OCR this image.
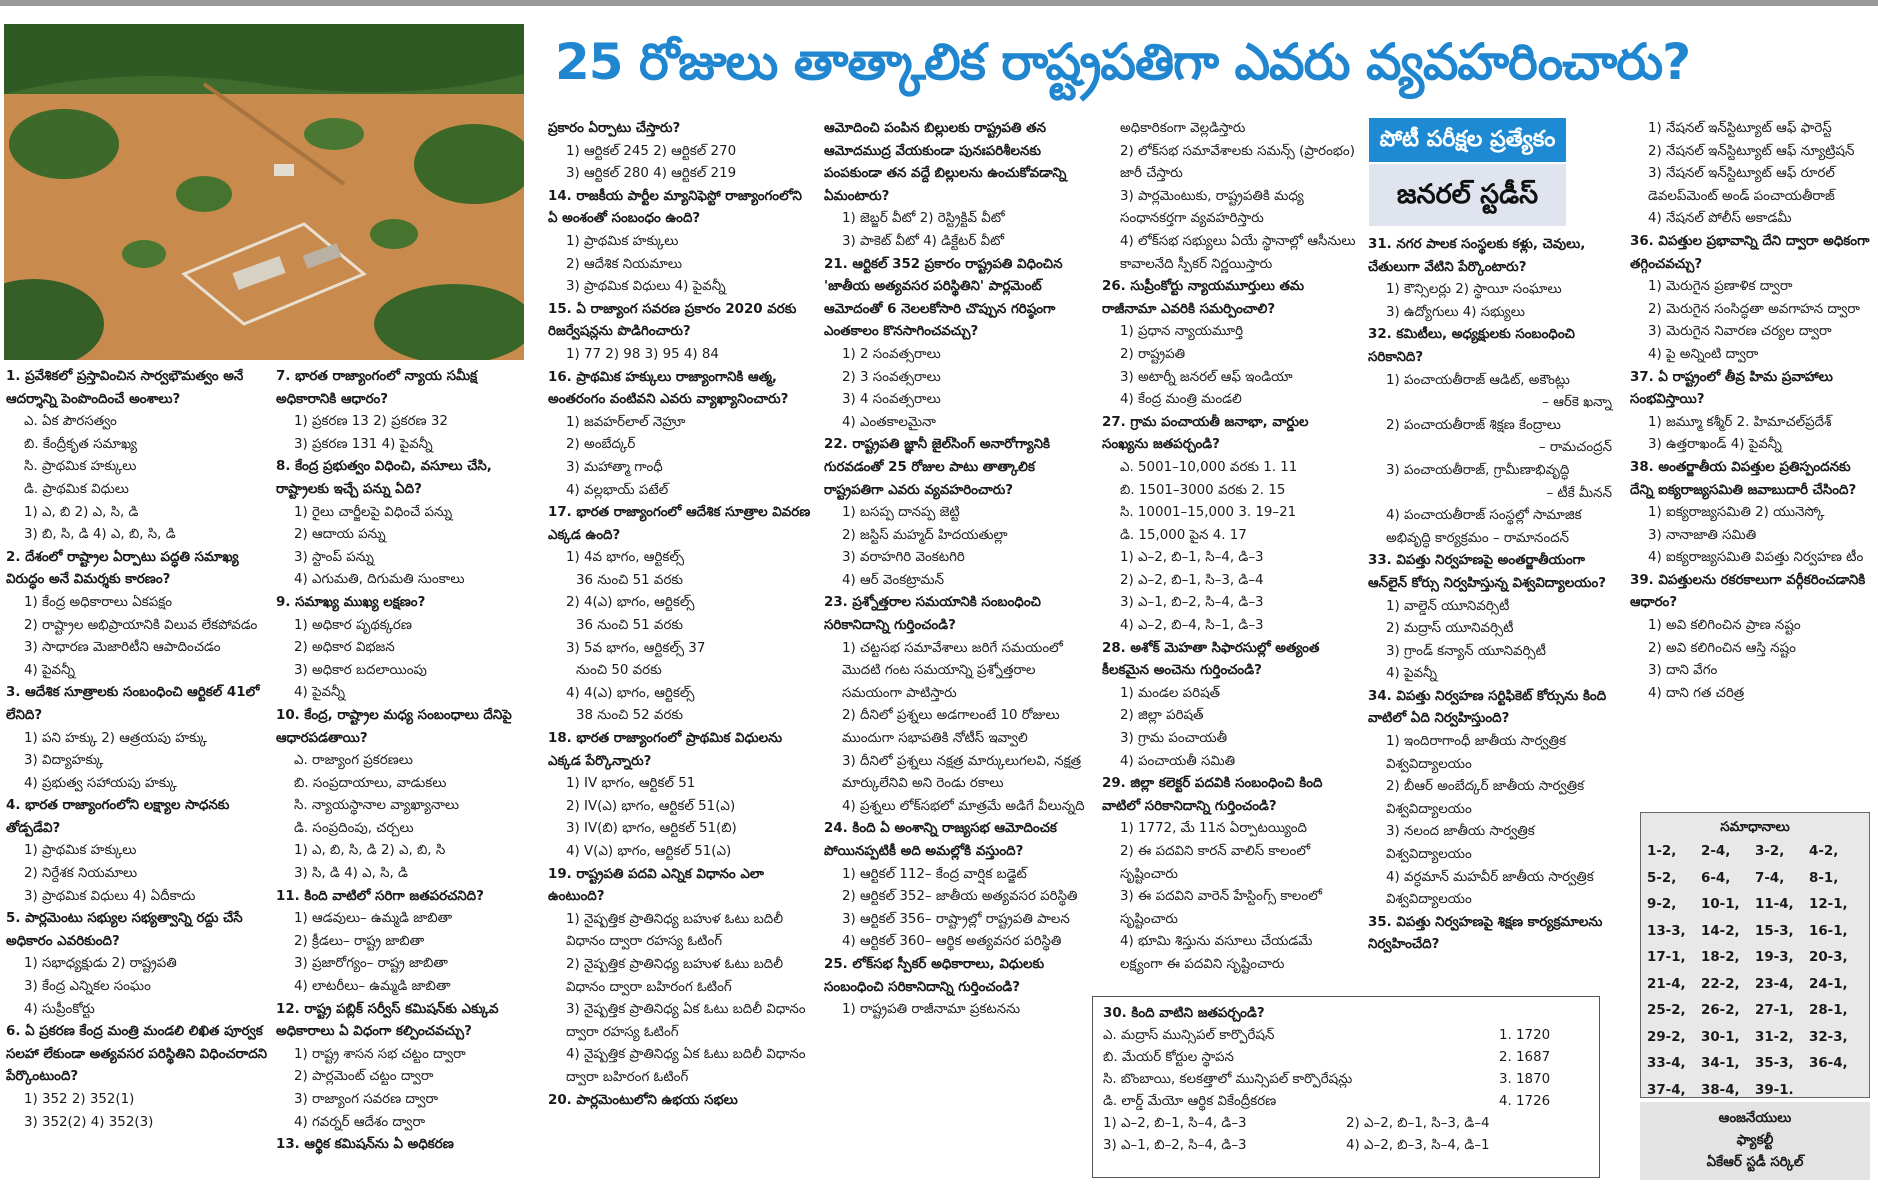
25 రోజులు తాత్కాలిక రాష్ట్రపతిగా ఎవరు వ్యవహరించారు?
పోటీ పరీక్షల ప్రత్యేకం
జనరల్ స్టడీస్
1. ప్రవేశికలో ప్రస్తావించిన సార్వభౌమత్వం అనే ఆదర్శాన్ని పెంపొందించే అంశాలు?
ఎ. ఏక పౌరసత్వం
బి. కేంద్రీకృత సమాఖ్య
సి. ప్రాథమిక హక్కులు
డి. ప్రాథమిక విధులు
1) ఎ, బి 2) ఎ, సి, డి
3) బి, సి, డి 4) ఎ, బి, సి, డి
2. దేశంలో రాష్ట్రాల ఏర్పాటు పద్ధతి సమాఖ్య విరుద్ధం అనే విమర్శకు కారణం?
1) కేంద్ర అధికారాలు ఏకపక్షం
2) రాష్ట్రాల అభిప్రాయానికి విలువ లేకపోవడం
3) సాధారణ మెజారిటీని ఆపాదించడం
4) పైవన్నీ
3. ఆదేశిక సూత్రాలకు సంబంధించి ఆర్టికల్ 41లో లేనిది?
1) పని హక్కు 2) ఆత్రయపు హక్కు
3) విద్యాహక్కు
4) ప్రభుత్వ సహాయపు హక్కు
4. భారత రాజ్యాంగంలోని లక్ష్యాల సాధనకు తోడ్పడేవి?
1) ప్రాథమిక హక్కులు
2) నిర్దేశక నియమాలు
3) ప్రాథమిక విధులు 4) ఏదీకాదు
5. పార్లమెంటు సభ్యుల సభ్యత్వాన్ని రద్దు చేసే అధికారం ఎవరికుంది?
1) సభాధ్యక్షుడు 2) రాష్ట్రపతి
3) కేంద్ర ఎన్నికల సంఘం
4) సుప్రీంకోర్టు
6. ఏ ప్రకరణ కేంద్ర మంత్రి మండలి లిఖిత పూర్వక సలహా లేకుండా అత్యవసర పరిస్థితిని విధించరాదని పేర్కొంటుంది?
1) 352 2) 352(1)
3) 352(2) 4) 352(3)
7. భారత రాజ్యాంగంలో న్యాయ సమీక్ష అధికారానికి ఆధారం?
1) ప్రకరణ 13 2) ప్రకరణ 32
3) ప్రకరణ 131 4) పైవన్నీ
8. కేంద్ర ప్రభుత్వం విధించి, వసూలు చేసి, రాష్ట్రాలకు ఇచ్చే పన్ను ఏది?
1) రైలు చార్జీలపై విధించే పన్ను
2) ఆదాయ పన్ను
3) స్టాంప్ పన్ను
4) ఎగుమతి, దిగుమతి సుంకాలు
9. సమాఖ్య ముఖ్య లక్షణం?
1) అధికార పృథక్కరణ
2) అధికార విభజన
3) అధికార బదలాయింపు
4) పైవన్నీ
10. కేంద్ర, రాష్ట్రాల మధ్య సంబంధాలు దేనిపై ఆధారపడతాయి?
ఎ. రాజ్యాంగ ప్రకరణలు
బి. సంప్రదాయాలు, వాడుకలు
సి. న్యాయస్థానాల వ్యాఖ్యానాలు
డి. సంప్రదింపు, చర్చలు
1) ఎ, బి, సి, డి 2) ఎ, బి, సి
3) సి, డి 4) ఎ, సి, డి
11. కింది వాటిలో సరిగా జతపరచనిది?
1) ఆడవులు– ఉమ్మడి జాబితా
2) క్రీడలు– రాష్ట్ర జాబితా
3) ప్రజారోగ్యం– రాష్ట్ర జాబితా
4) లాటరీలు– ఉమ్మడి జాబితా
12. రాష్ట్ర పబ్లిక్ సర్వీస్ కమిషన్‌కు ఎక్కువ అధికారాలు ఏ విధంగా కల్పించవచ్చు?
1) రాష్ట్ర శాసన సభ చట్టం ద్వారా
2) పార్లమెంట్ చట్టం ద్వారా
3) రాజ్యాంగ సవరణ ద్వారా
4) గవర్నర్ ఆదేశం ద్వారా
13. ఆర్థిక కమిషన్‌ను ఏ అధికరణ
ప్రకారం ఏర్పాటు చేస్తారు?
1) ఆర్టికల్ 245 2) ఆర్టికల్ 270
3) ఆర్టికల్ 280 4) ఆర్టికల్ 219
14. రాజకీయ పార్టీల మ్యానిఫెస్టో రాజ్యాంగంలోని ఏ అంశంతో సంబంధం ఉంది?
1) ప్రాథమిక హక్కులు
2) ఆదేశిక నియమాలు
3) ప్రాథమిక విధులు 4) పైవన్నీ
15. ఏ రాజ్యాంగ సవరణ ప్రకారం 2020 వరకు రిజర్వేషన్లను పొడిగించారు?
1) 77 2) 98 3) 95 4) 84
16. ప్రాథమిక హక్కులు రాజ్యాంగానికి ఆత్మ, అంతరంగం వంటివని ఎవరు వ్యాఖ్యానించారు?
1) జవహర్‌లాల్ నెహ్రూ
2) అంబేద్కర్
3) మహాత్మా గాంధీ
4) వల్లభాయ్ పటేల్
17. భారత రాజ్యాంగంలో ఆదేశిక సూత్రాల వివరణ ఎక్కడ ఉంది?
1) 4వ భాగం, ఆర్టికల్స్
36 నుంచి 51 వరకు
2) 4(ఎ) భాగం, ఆర్టికల్స్
36 నుంచి 51 వరకు
3) 5వ భాగం, ఆర్టికల్స్ 37
నుంచి 50 వరకు
4) 4(ఎ) భాగం, ఆర్టికల్స్
38 నుంచి 52 వరకు
18. భారత రాజ్యాంగంలో ప్రాథమిక విధులను ఎక్కడ పేర్కొన్నారు?
1) IV భాగం, ఆర్టికల్ 51
2) IV(ఎ) భాగం, ఆర్టికల్ 51(ఎ)
3) IV(బి) భాగం, ఆర్టికల్ 51(బి)
4) V(ఎ) భాగం, ఆర్టికల్ 51(ఎ)
19. రాష్ట్రపతి పదవి ఎన్నిక విధానం ఎలా ఉంటుంది?
1) నైష్పత్తిక ప్రాతినిధ్య బహుళ ఓటు బదిలీ విధానం ద్వారా రహస్య ఓటింగ్
2) నైష్పత్తిక ప్రాతినిధ్య బహుళ ఓటు బదిలీ విధానం ద్వారా బహిరంగ ఓటింగ్
3) నైష్పత్తిక ప్రాతినిధ్య ఏక ఓటు బదిలీ విధానం ద్వారా రహస్య ఓటింగ్
4) నైష్పత్తిక ప్రాతినిధ్య ఏక ఓటు బదిలీ విధానం ద్వారా బహిరంగ ఓటింగ్
20. పార్లమెంటులోని ఉభయ సభలు
ఆమోదించి పంపిన బిల్లులకు రాష్ట్రపతి తన ఆమోదముద్ర వేయకుండా పునఃపరిశీలనకు పంపకుండా తన వద్దే బిల్లులను ఉంచుకోవడాన్ని ఏమంటారు?
1) జెబ్జర్ వీటో 2) రెస్ట్రిక్టివ్ వీటో
3) పాకెట్ వీటో 4) డిక్టేటర్ వీటో
21. ఆర్టికల్ 352 ప్రకారం రాష్ట్రపతి విధించిన 'జాతీయ అత్యవసర పరిస్థితిని' పార్లమెంట్ ఆమోదంతో 6 నెలలకోసారి చొప్పున గరిష్ఠంగా ఎంతకాలం కొనసాగించవచ్చు?
1) 2 సంవత్సరాలు
2) 3 సంవత్సరాలు
3) 4 సంవత్సరాలు
4) ఎంతకాలమైనా
22. రాష్ట్రపతి జ్ఞానీ జైల్‌సింగ్ అనారోగ్యానికి గురవడంతో 25 రోజుల పాటు తాత్కాలిక రాష్ట్రపతిగా ఎవరు వ్యవహరించారు?
1) బసప్ప దానప్ప జెట్టి
2) జస్టిస్ మహ్మద్ హిదయతుల్లా
3) వరాహగిరి వెంకటగిరి
4) ఆర్ వెంకట్రామన్
23. ప్రశ్నోత్తరాల సమయానికి సంబంధించి సరికానిదాన్ని గుర్తించండి?
1) చట్టసభ సమావేశాలు జరిగే సమయంలో మొదటి గంట సమయాన్ని ప్రశ్నోత్తరాల సమయంగా పాటిస్తారు
2) దీనిలో ప్రశ్నలు అడగాలంటే 10 రోజులు ముందుగా సభాపతికి నోటీస్ ఇవ్వాలి
3) దీనిలో ప్రశ్నలు నక్షత్ర మార్కులుగలవి, నక్షత్ర మార్కులేనివి అని రెండు రకాలు
4) ప్రశ్నలు లోక్‌సభలో మాత్రమే అడిగే వీలున్నది
24. కింది ఏ అంశాన్ని రాజ్యసభ ఆమోదించక పోయినప్పటికీ అది అమల్లోకి వస్తుంది?
1) ఆర్టికల్ 112– కేంద్ర వార్షిక బడ్జెట్
2) ఆర్టికల్ 352– జాతీయ అత్యవసర పరిస్థితి
3) ఆర్టికల్ 356– రాష్ట్రాల్లో రాష్ట్రపతి పాలన
4) ఆర్టికల్ 360– ఆర్థిక అత్యవసర పరిస్థితి
25. లోక్‌సభ స్పీకర్ అధికారాలు, విధులకు సంబంధించి సరికానిదాన్ని గుర్తించండి?
1) రాష్ట్రపతి రాజీనామా ప్రకటనను
అధికారికంగా వెల్లడిస్తారు
2) లోక్‌సభ సమావేశాలకు సమన్స్ (ప్రారంభం) జారీ చేస్తారు
3) పార్లమెంటుకు, రాష్ట్రపతికి మధ్య సంధానకర్తగా వ్యవహరిస్తారు
4) లోక్‌సభ సభ్యులు ఏయే స్థానాల్లో ఆసీనులు కావాలనేది స్పీకర్ నిర్ణయిస్తారు
26. సుప్రీంకోర్టు న్యాయమూర్తులు తమ రాజీనామా ఎవరికి సమర్పించాలి?
1) ప్రధాన న్యాయమూర్తి
2) రాష్ట్రపతి
3) అటార్నీ జనరల్ ఆఫ్ ఇండియా
4) కేంద్ర మంత్రి మండలి
27. గ్రామ పంచాయతీ జనాభా, వార్డుల సంఖ్యను జతపర్చండి?
ఎ. 5001–10,000 వరకు 1. 11
బి. 1501–3000 వరకు 2. 15
సి. 10001–15,000 3. 19–21
డి. 15,000 పైన 4. 17
1) ఎ–2, బి–1, సి–4, డి–3
2) ఎ–2, బి–1, సి–3, డి–4
3) ఎ–1, బి–2, సి–4, డి–3
4) ఎ–2, బి–4, సి–1, డి–3
28. అశోక్ మెహతా సిఫారసుల్లో అత్యంత కీలకమైన అంచెను గుర్తించండి?
1) మండల పరిషత్
2) జిల్లా పరిషత్
3) గ్రామ పంచాయతీ
4) పంచాయతీ సమితి
29. జిల్లా కలెక్టర్ పదవికి సంబంధించి కింది వాటిలో సరికానిదాన్ని గుర్తించండి?
1) 1772, మే 11న ఏర్పాటయ్యింది
2) ఈ పదవిని కారన్ వాలిస్ కాలంలో సృష్టించారు
3) ఈ పదవిని వారెన్ హేస్టింగ్స్ కాలంలో సృష్టించారు
4) భూమి శిస్తును వసూలు చేయడమే లక్ష్యంగా ఈ పదవిని సృష్టించారు
31. నగర పాలక సంస్థలకు కళ్లు, చెవులు, చేతులుగా వేటిని పేర్కొంటారు?
1) కౌన్సిలర్లు 2) స్థాయీ సంఘాలు
3) ఉద్యోగులు 4) సభ్యులు
32. కమిటీలు, అధ్యక్షులకు సంబంధించి సరికానిది?
1) పంచాయతీరాజ్ ఆడిట్, అకౌంట్లు
– ఆర్‌కె ఖన్నా
2) పంచాయతీరాజ్ శిక్షణ కేంద్రాలు
– రామచంద్రన్
3) పంచాయతీరాజ్, గ్రామీణాభివృద్ధి
– టీకే మీనన్
4) పంచాయతీరాజ్ సంస్థల్లో సామాజిక అభివృద్ధి కార్యక్రమం – రామానందన్
33. విపత్తు నిర్వహణపై అంతర్జాతీయంగా ఆన్‌లైన్ కోర్సు నిర్వహిస్తున్న విశ్వవిద్యాలయం?
1) వాల్డెన్ యూనివర్సిటీ
2) మద్రాస్ యూనివర్సిటీ
3) గ్రాండ్ కన్యాన్ యూనివర్సిటీ
4) పైవన్నీ
34. విపత్తు నిర్వహణ సర్టిఫికెట్ కోర్సును కింది వాటిలో ఏది నిర్వహిస్తుంది?
1) ఇందిరాగాంధీ జాతీయ సార్వత్రిక విశ్వవిద్యాలయం
2) బీఆర్ అంబేద్కర్ జాతీయ సార్వత్రిక విశ్వవిద్యాలయం
3) నలంద జాతీయ సార్వత్రిక విశ్వవిద్యాలయం
4) వర్ధమాన్ మహవీర్ జాతీయ సార్వత్రిక విశ్వవిద్యాలయం
35. విపత్తు నిర్వహణపై శిక్షణ కార్యక్రమాలను నిర్వహించేది?
1) నేషనల్ ఇన్‌స్టిట్యూట్ ఆఫ్ ఫారెస్ట్
2) నేషనల్ ఇన్‌స్టిట్యూట్ ఆఫ్ న్యూట్రిషన్
3) నేషనల్ ఇన్‌స్టిట్యూట్ ఆఫ్ రూరల్ డెవలప్‌మెంట్ అండ్ పంచాయతీరాజ్
4) నేషనల్ పోలీస్ అకాడమీ
36. విపత్తుల ప్రభావాన్ని దేని ద్వారా అధికంగా తగ్గించవచ్చు?
1) మెరుగైన ప్రణాళిక ద్వారా
2) మెరుగైన సంసిద్ధతా అవగాహన ద్వారా
3) మెరుగైన నివారణ చర్యల ద్వారా
4) పై అన్నింటి ద్వారా
37. ఏ రాష్ట్రంలో తీవ్ర హిమ ప్రవాహాలు సంభవిస్తాయి?
1) జమ్మూ కశ్మీర్ 2. హిమాచల్‌ప్రదేశ్
3) ఉత్తరాఖండ్ 4) పైవన్నీ
38. అంతర్జాతీయ విపత్తుల ప్రతిస్పందనకు దేన్ని ఐక్యరాజ్యసమితి జవాబుదారీ చేసింది?
1) ఐక్యరాజ్యసమితి 2) యునెస్కో
3) నానాజాతి సమితి
4) ఐక్యరాజ్యసమితి విపత్తు నిర్వహణ టీం
39. విపత్తులను రకరకాలుగా వర్గీకరించడానికి ఆధారం?
1) అవి కలిగించిన ప్రాణ నష్టం
2) అవి కలిగించిన ఆస్తి నష్టం
3) దాని వేగం
4) దాని గత చరిత్ర
30. కింది వాటిని జతపర్చండి?
ఎ. మద్రాస్ మున్సిపల్ కార్పొరేషన్	1. 1720
బి. మేయర్ కోర్టుల స్థాపన	2. 1687
సి. బొంబాయి, కలకత్తాలో మున్సిపల్ కార్పొరేషన్లు	3. 1870
డి. లార్డ్ మేయో ఆర్థిక వికేంద్రీకరణ	4. 1726
1) ఎ–2, బి–1, సి–4, డి–3	2) ఎ–2, బి–1, సి–3, డి–4
3) ఎ–1, బి–2, సి–4, డి–3	4) ఎ–2, బి–3, సి–4, డి–1
సమాధానాలు
1-2,	2-4,	3-2,	4-2,
5-2,	6-4,	7-4,	8-1,
9-2,	10-1,	11-4,	12-1,
13-3,	14-2,	15-3,	16-1,
17-1,	18-2,	19-3,	20-3,
21-4,	22-2,	23-4,	24-1,
25-2,	26-2,	27-1,	28-1,
29-2,	30-1,	31-2,	32-3,
33-4,	34-1,	35-3,	36-4,
37-4,	38-4,	39-1.
ఆంజనేయులు
ఫ్యాకల్టీ
ఏకేఆర్ స్టడీ సర్కిల్
